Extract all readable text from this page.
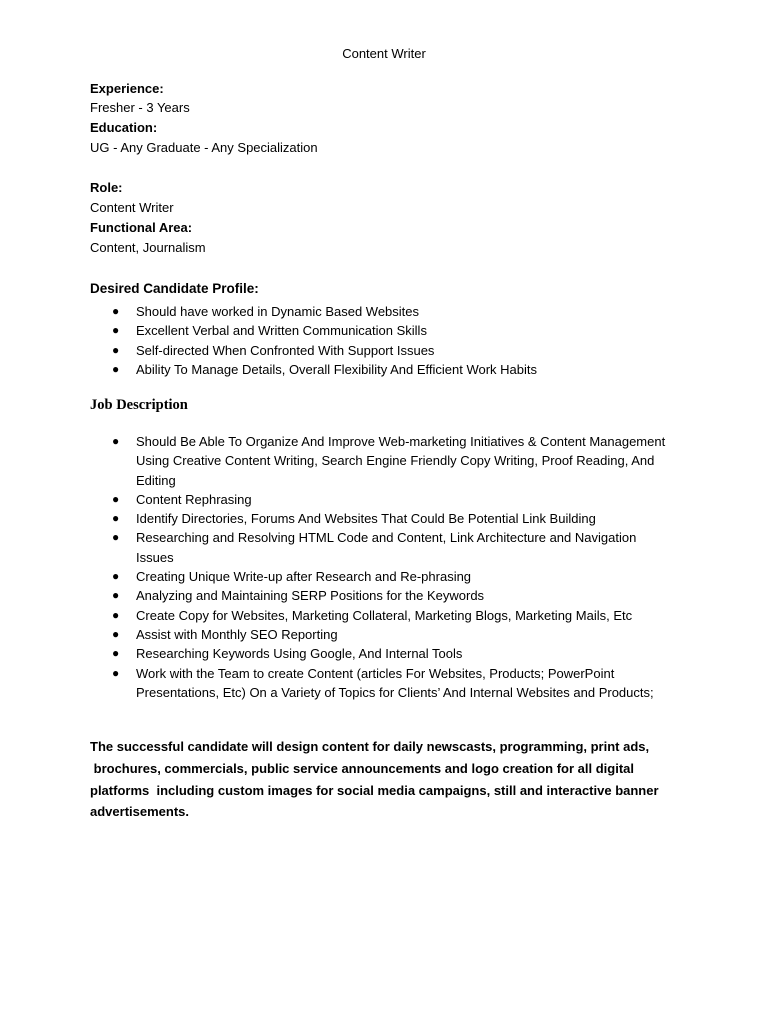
Content Writer

Experience:

Fresher - 3 Years

Education:

UG - Any Graduate - Any Specialization

Role:

Content Writer

Functional Area:

Content, Journalism

Desired Candidate Profile:
● Should have worked in Dynamic Based Websites
● Excellent Verbal and Written Communication Skills
● Self-directed When Confronted With Support Issues
● Ability To Manage Details, Overall Flexibility And Efficient Work Habits
Job Description
● Should Be Able To Organize And Improve Web-marketing Initiatives & Content Management Using Creative Content Writing, Search Engine Friendly Copy Writing, Proof Reading, And Editing
● Content Rephrasing
● Identify Directories, Forums And Websites That Could Be Potential Link Building
● Researching and Resolving HTML Code and Content, Link Architecture and Navigation Issues
● Creating Unique Write-up after Research and Re-phrasing
● Analyzing and Maintaining SERP Positions for the Keywords
● Create Copy for Websites, Marketing Collateral, Marketing Blogs, Marketing Mails, Etc
● Assist with Monthly SEO Reporting
● Researching Keywords Using Google, And Internal Tools
● Work with the Team to create Content (articles For Websites, Products; PowerPoint Presentations, Etc) On a Variety of Topics for Clients’ And Internal Websites and Products;

The successful candidate will design content for daily newscasts, programming, print ads,
brochures, commercials, public service announcements and logo creation for all digital
platforms  including custom images for social media campaigns, still and interactive banner
advertisements.
